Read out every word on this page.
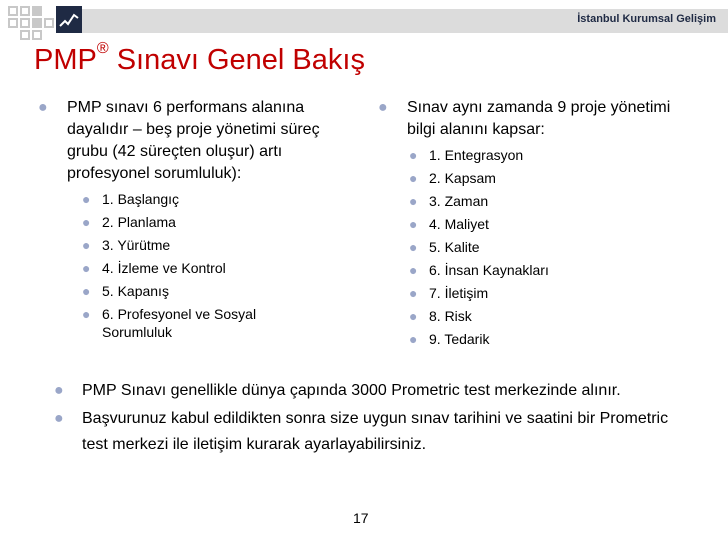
İstanbul Kurumsal Gelişim
PMP® Sınavı Genel Bakış
● PMP sınavı 6 performans alanına dayalıdır – beş proje yönetimi süreç grubu (42 süreçten oluşur) artı profesyonel sorumluluk):
● 1. Başlangıç
● 2. Planlama
● 3. Yürütme
● 4. İzleme ve Kontrol
● 5. Kapanış
● 6. Profesyonel ve Sosyal Sorumluluk
● Sınav aynı zamanda 9 proje yönetimi bilgi alanını kapsar:
● 1. Entegrasyon
● 2. Kapsam
● 3. Zaman
● 4. Maliyet
● 5. Kalite
● 6. İnsan Kaynakları
● 7. İletişim
● 8. Risk
● 9. Tedarik
● PMP Sınavı genellikle dünya çapında 3000 Prometric test merkezinde alınır.
● Başvurunuz kabul edildikten sonra size uygun sınav tarihini ve saatini bir Prometric test merkezi ile iletişim kurarak ayarlayabilirsiniz.
17
